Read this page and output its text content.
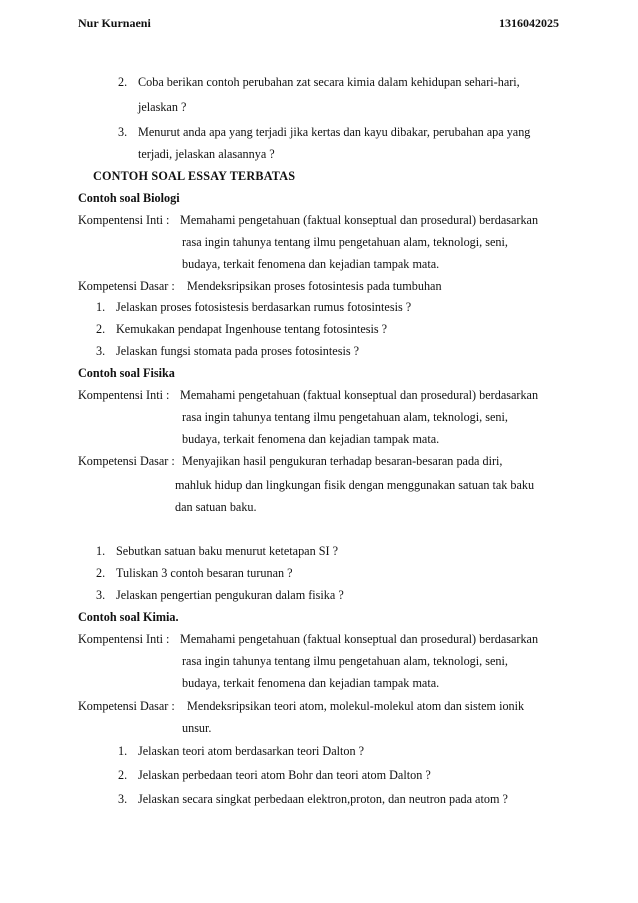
Nur Kurnaeni	1316042025
2. Coba berikan contoh perubahan zat secara kimia dalam kehidupan sehari-hari,
jelaskan ?
3. Menurut anda apa yang terjadi jika kertas dan kayu dibakar, perubahan apa yang
terjadi, jelaskan alasannya ?
CONTOH SOAL ESSAY TERBATAS
Contoh soal Biologi
Kompentensi Inti : Memahami pengetahuan (faktual konseptual dan prosedural) berdasarkan
rasa ingin tahunya tentang ilmu pengetahuan alam, teknologi, seni,
budaya, terkait fenomena dan kejadian tampak mata.
Kompetensi Dasar : Mendeksripsikan proses fotosintesis pada tumbuhan
1. Jelaskan proses fotosistesis berdasarkan rumus fotosintesis ?
2. Kemukakan pendapat Ingenhouse tentang fotosintesis ?
3. Jelaskan fungsi stomata pada proses fotosintesis ?
Contoh soal Fisika
Kompentensi Inti : Memahami pengetahuan (faktual konseptual dan prosedural) berdasarkan
rasa ingin tahunya tentang ilmu pengetahuan alam, teknologi, seni,
budaya, terkait fenomena dan kejadian tampak mata.
Kompetensi Dasar : Menyajikan hasil pengukuran terhadap besaran-besaran pada diri,
mahluk hidup dan lingkungan fisik dengan menggunakan satuan tak baku
dan satuan baku.
1. Sebutkan satuan baku menurut ketetapan SI ?
2. Tuliskan 3 contoh besaran turunan ?
3. Jelaskan pengertian pengukuran dalam fisika ?
Contoh soal Kimia.
Kompentensi Inti : Memahami pengetahuan (faktual konseptual dan prosedural) berdasarkan
rasa ingin tahunya tentang ilmu pengetahuan alam, teknologi, seni,
budaya, terkait fenomena dan kejadian tampak mata.
Kompetensi Dasar : Mendeksripsikan teori atom, molekul-molekul atom dan sistem ionik
unsur.
1. Jelaskan teori atom berdasarkan teori Dalton ?
2. Jelaskan perbedaan teori atom Bohr dan teori atom Dalton ?
3. Jelaskan secara singkat perbedaan elektron,proton, dan neutron pada atom ?
